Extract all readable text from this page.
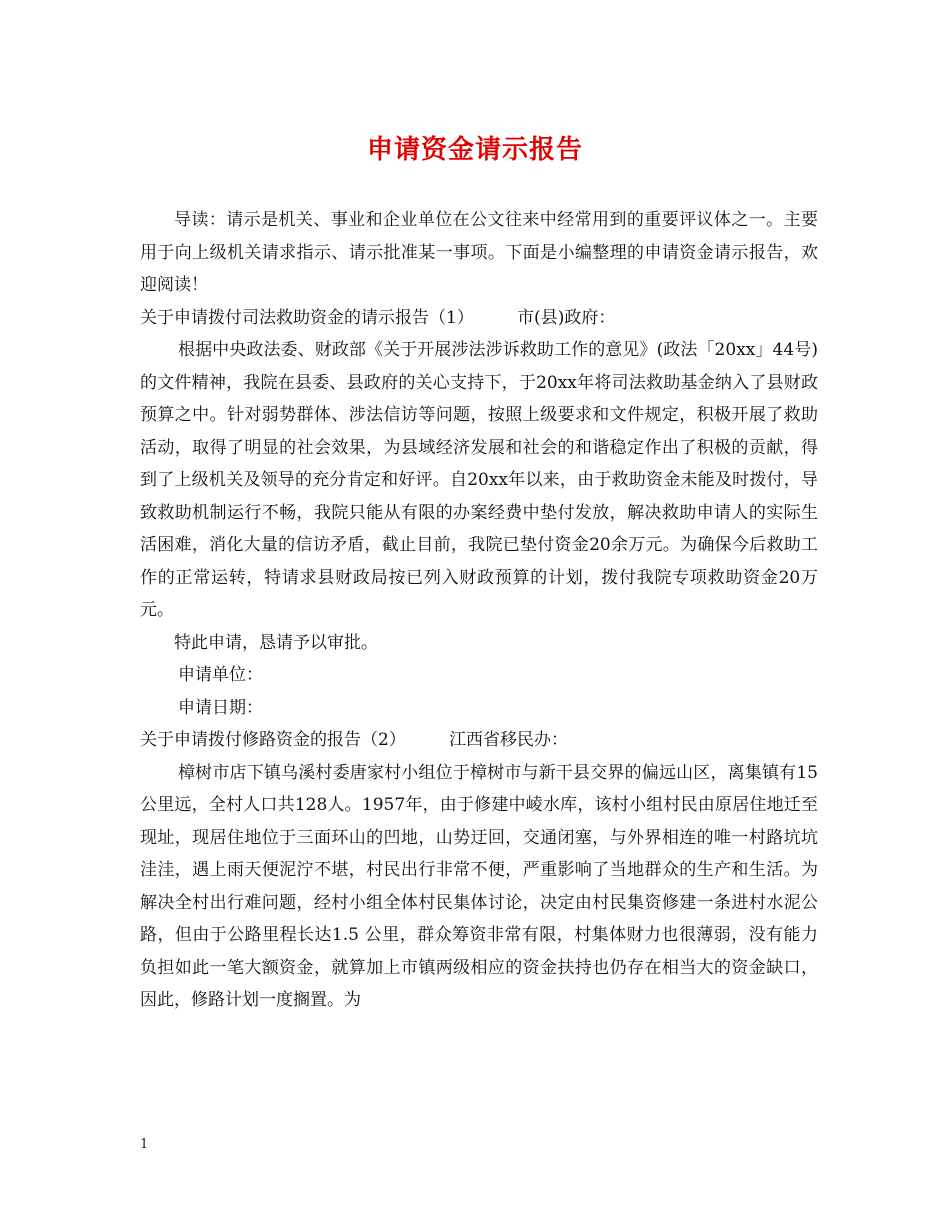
申请资金请示报告

导读：请示是机关、事业和企业单位在公文往来中经常用到的重要评议体之一。主要用于向上级机关请求指示、请示批准某一事项。下面是小编整理的申请资金请示报告，欢迎阅读！

关于申请拨付司法救助资金的请示报告（1）	市(县)政府：

根据中央政法委、财政部《关于开展涉法涉诉救助工作的意见》(政法「20xx」44号)的文件精神，我院在县委、县政府的关心支持下，于20xx年将司法救助基金纳入了县财政预算之中。针对弱势群体、涉法信访等问题，按照上级要求和文件规定，积极开展了救助活动，取得了明显的社会效果，为县域经济发展和社会的和谐稳定作出了积极的贡献，得到了上级机关及领导的充分肯定和好评。自20xx年以来，由于救助资金未能及时拨付，导致救助机制运行不畅，我院只能从有限的办案经费中垫付发放，解决救助申请人的实际生活困难，消化大量的信访矛盾，截止目前，我院已垫付资金20余万元。为确保今后救助工作的正常运转，特请求县财政局按已列入财政预算的计划，拨付我院专项救助资金20万元。

特此申请，恳请予以审批。

申请单位：

申请日期：

关于申请拨付修路资金的报告（2）	江西省移民办：

樟树市店下镇乌溪村委唐家村小组位于樟树市与新干县交界的偏远山区，离集镇有15公里远，全村人口共128人。1957年，由于修建中崚水库，该村小组村民由原居住地迁至现址，现居住地位于三面环山的凹地，山势迂回，交通闭塞，与外界相连的唯一村路坑坑洼洼，遇上雨天便泥泞不堪，村民出行非常不便，严重影响了当地群众的生产和生活。为解决全村出行难问题，经村小组全体村民集体讨论，决定由村民集资修建一条进村水泥公路，但由于公路里程长达1.5 公里，群众筹资非常有限，村集体财力也很薄弱，没有能力负担如此一笔大额资金，就算加上市镇两级相应的资金扶持也仍存在相当大的资金缺口，因此，修路计划一度搁置。为

1
